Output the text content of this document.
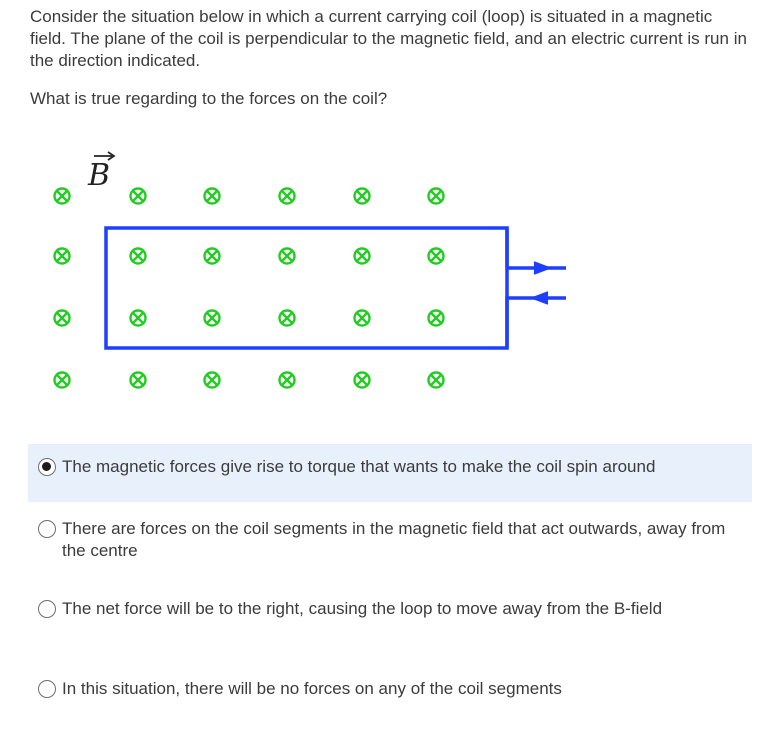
Consider the situation below in which a current carrying coil (loop) is situated in a magnetic field. The plane of the coil is perpendicular to the magnetic field, and an electric current is run in the direction indicated.

What is true regarding to the forces on the coil?

B
The magnetic forces give rise to torque that wants to make the coil spin around
There are forces on the coil segments in the magnetic field that act outwards, away from the centre
The net force will be to the right, causing the loop to move away from the B-field
In this situation, there will be no forces on any of the coil segments
